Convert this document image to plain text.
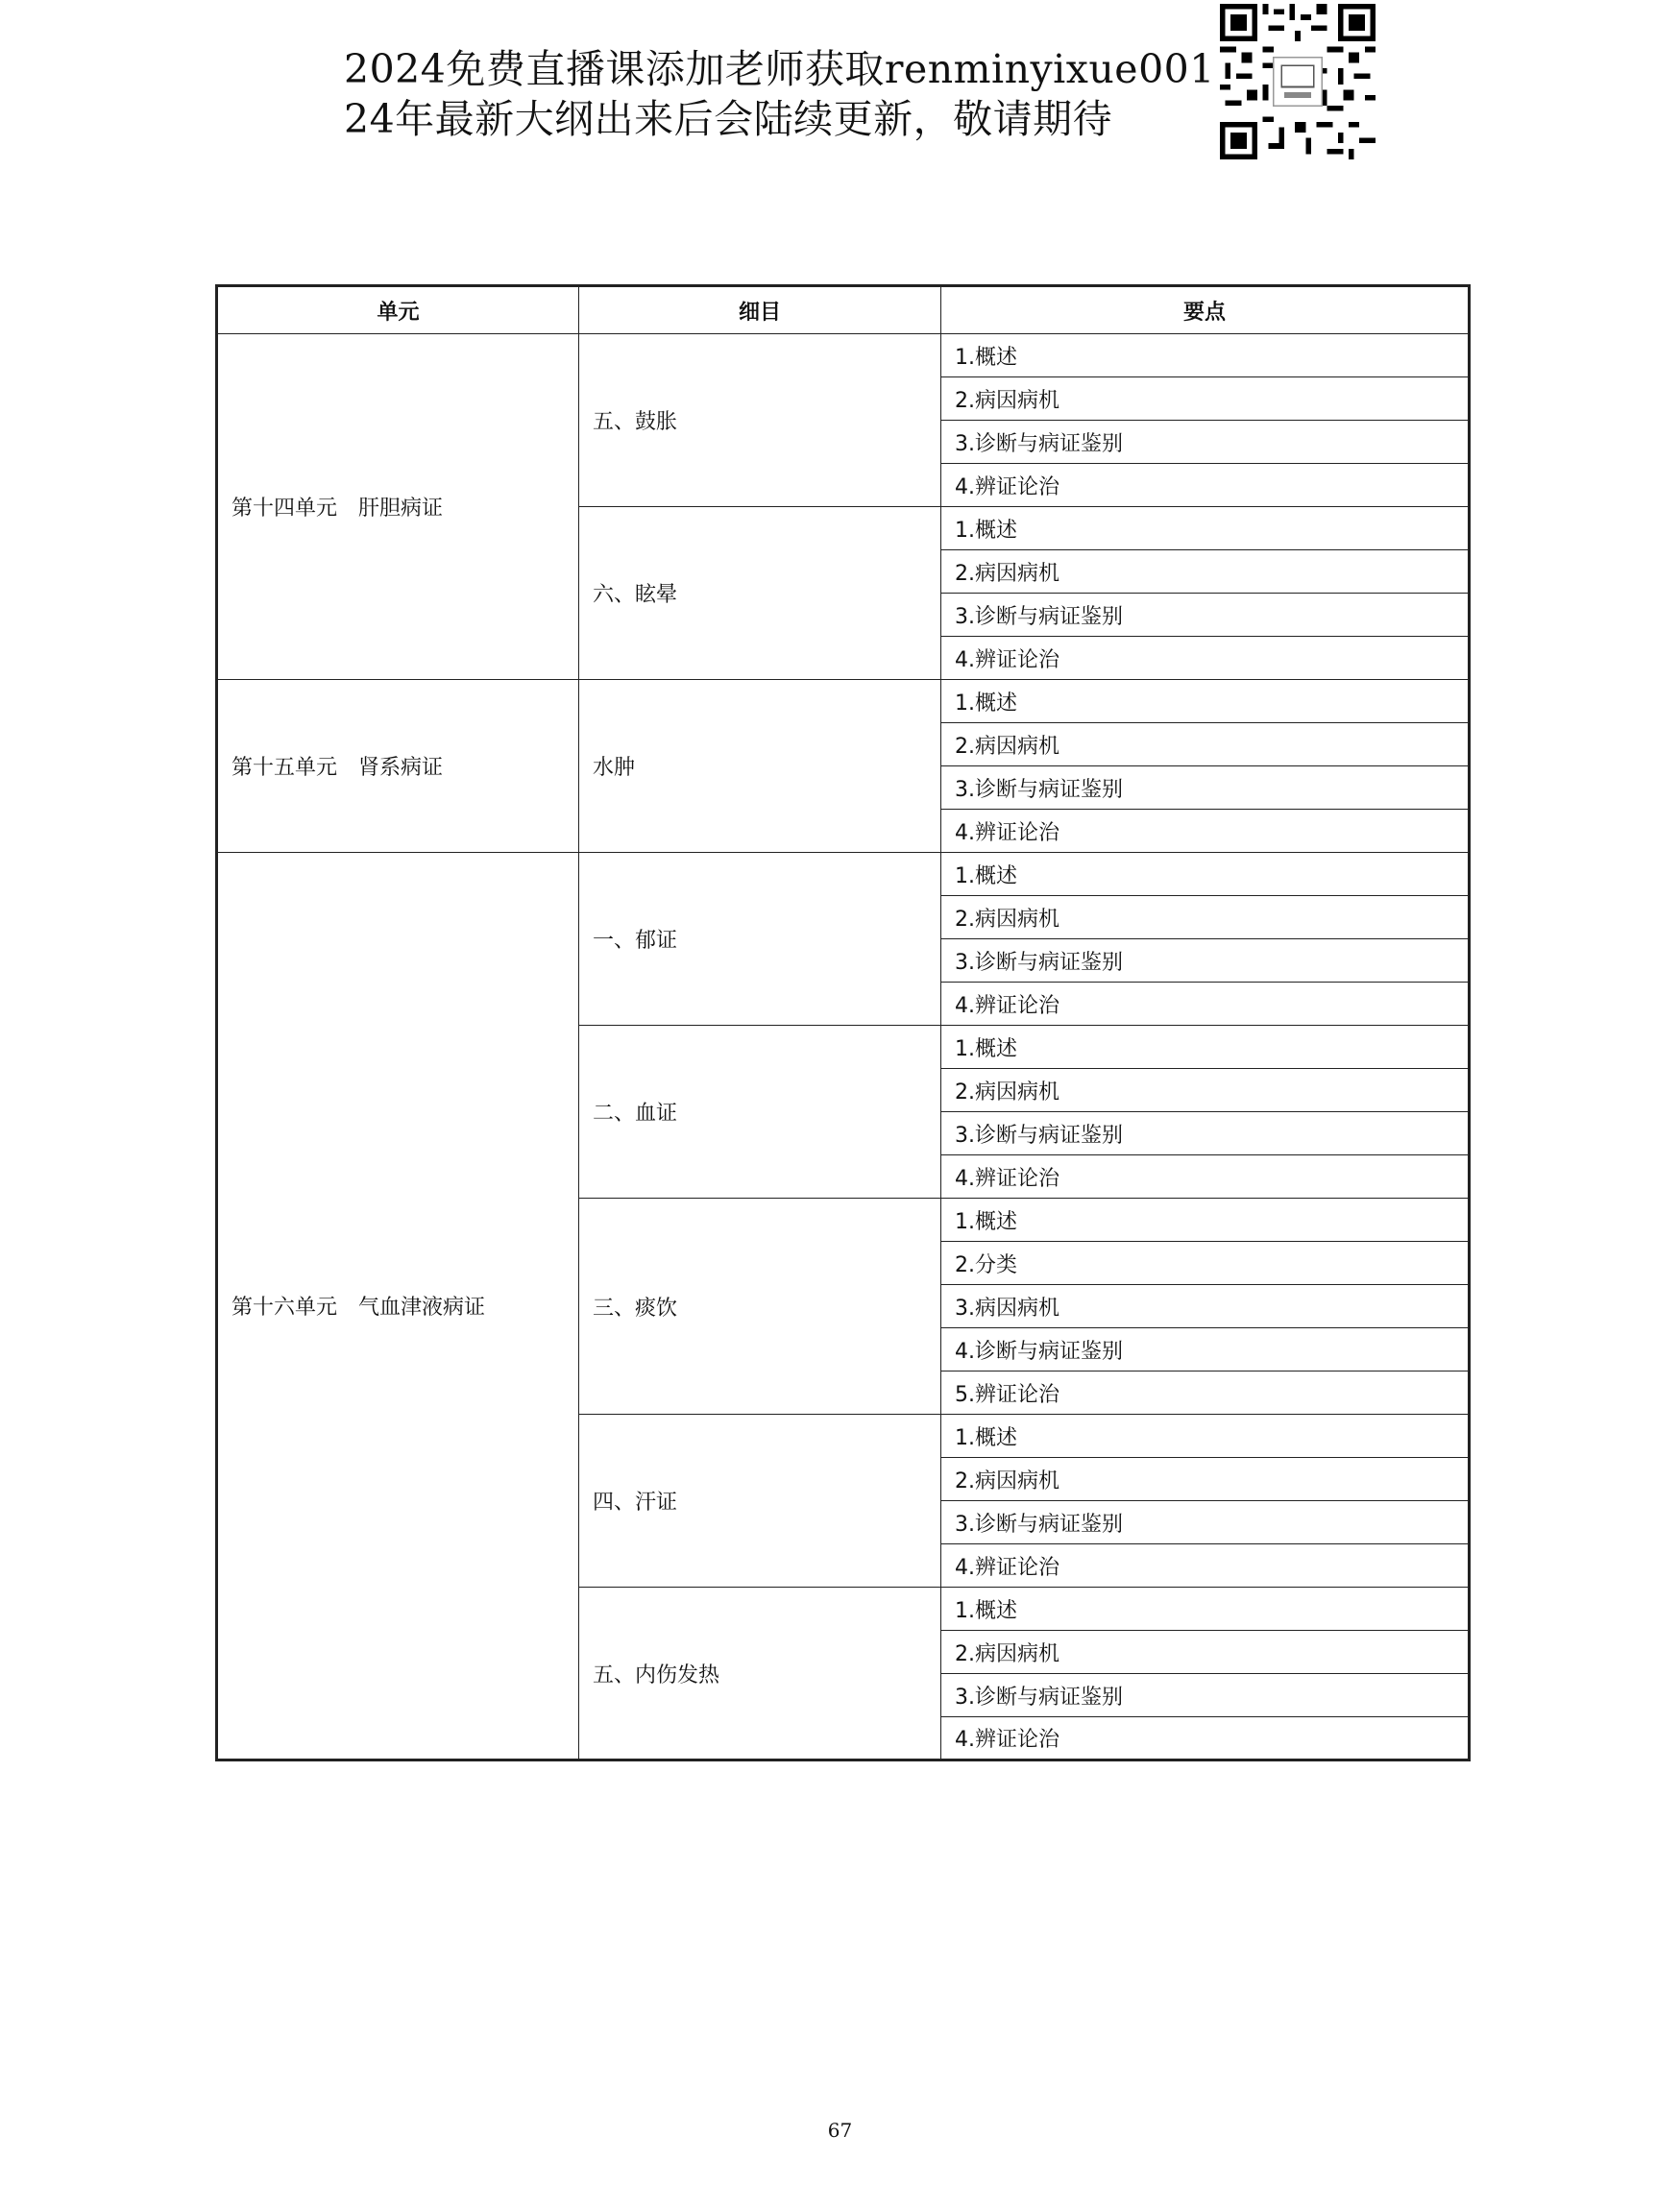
2024免费直播课添加老师获取renminyixue001
24年最新大纲出来后会陆续更新，敬请期待
单元	细目	要点
第十四单元　肝胆病证	五、鼓胀	1.概述
		2.病因病机
		3.诊断与病证鉴别
		4.辨证论治
	六、眩晕	1.概述
		2.病因病机
		3.诊断与病证鉴别
		4.辨证论治
第十五单元　肾系病证	水肿	1.概述
		2.病因病机
		3.诊断与病证鉴别
		4.辨证论治
第十六单元　气血津液病证	一、郁证	1.概述
		2.病因病机
		3.诊断与病证鉴别
		4.辨证论治
	二、血证	1.概述
		2.病因病机
		3.诊断与病证鉴别
		4.辨证论治
	三、痰饮	1.概述
		2.分类
		3.病因病机
		4.诊断与病证鉴别
		5.辨证论治
	四、汗证	1.概述
		2.病因病机
		3.诊断与病证鉴别
		4.辨证论治
	五、内伤发热	1.概述
		2.病因病机
		3.诊断与病证鉴别
		4.辨证论治
67
